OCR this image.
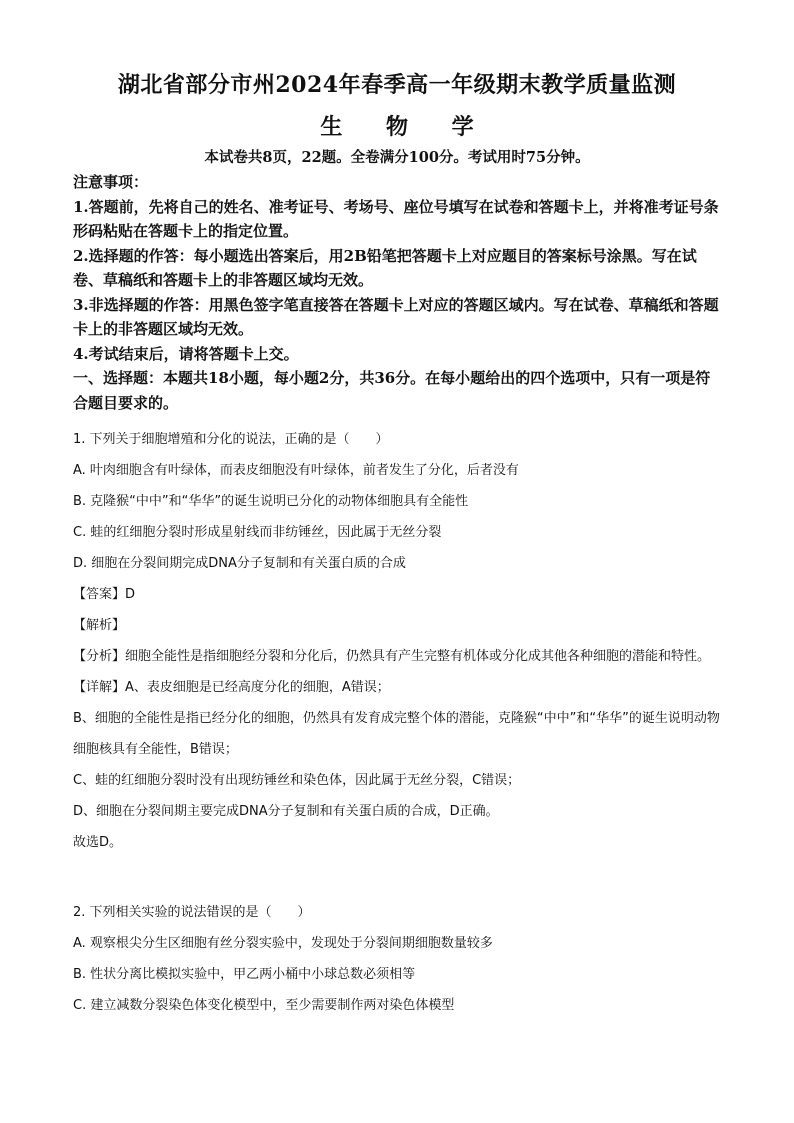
湖北省部分市州2024年春季高一年级期末教学质量监测
生 物 学
本试卷共8页，22题。全卷满分100分。考试用时75分钟。

注意事项：

1.答题前，先将自己的姓名、准考证号、考场号、座位号填写在试卷和答题卡上，并将准考证号条形码粘贴在答题卡上的指定位置。

2.选择题的作答：每小题选出答案后，用2B铅笔把答题卡上对应题目的答案标号涂黑。写在试卷、草稿纸和答题卡上的非答题区域均无效。

3.非选择题的作答：用黑色签字笔直接答在答题卡上对应的答题区域内。写在试卷、草稿纸和答题卡上的非答题区域均无效。

4.考试结束后，请将答题卡上交。

一、选择题：本题共18小题，每小题2分，共36分。在每小题给出的四个选项中，只有一项是符合题目要求的。

1. 下列关于细胞增殖和分化的说法，正确的是（　　）

A. 叶肉细胞含有叶绿体，而表皮细胞没有叶绿体，前者发生了分化，后者没有

B. 克隆猴“中中”和“华华”的诞生说明已分化的动物体细胞具有全能性

C. 蛙的红细胞分裂时形成星射线而非纺锤丝，因此属于无丝分裂

D. 细胞在分裂间期完成DNA分子复制和有关蛋白质的合成

【答案】D

【解析】

【分析】细胞全能性是指细胞经分裂和分化后，仍然具有产生完整有机体或分化成其他各种细胞的潜能和特性。

【详解】A、表皮细胞是已经高度分化的细胞，A错误；

B、细胞的全能性是指已经分化的细胞，仍然具有发育成完整个体的潜能，克隆猴“中中”和“华华”的诞生说明动物细胞核具有全能性，B错误；

C、蛙的红细胞分裂时没有出现纺锤丝和染色体，因此属于无丝分裂，C错误；

D、细胞在分裂间期主要完成DNA分子复制和有关蛋白质的合成，D正确。

故选D。

2. 下列相关实验的说法错误的是（　　）

A. 观察根尖分生区细胞有丝分裂实验中，发现处于分裂间期细胞数量较多

B. 性状分离比模拟实验中，甲乙两小桶中小球总数必须相等

C. 建立减数分裂染色体变化模型中，至少需要制作两对染色体模型
